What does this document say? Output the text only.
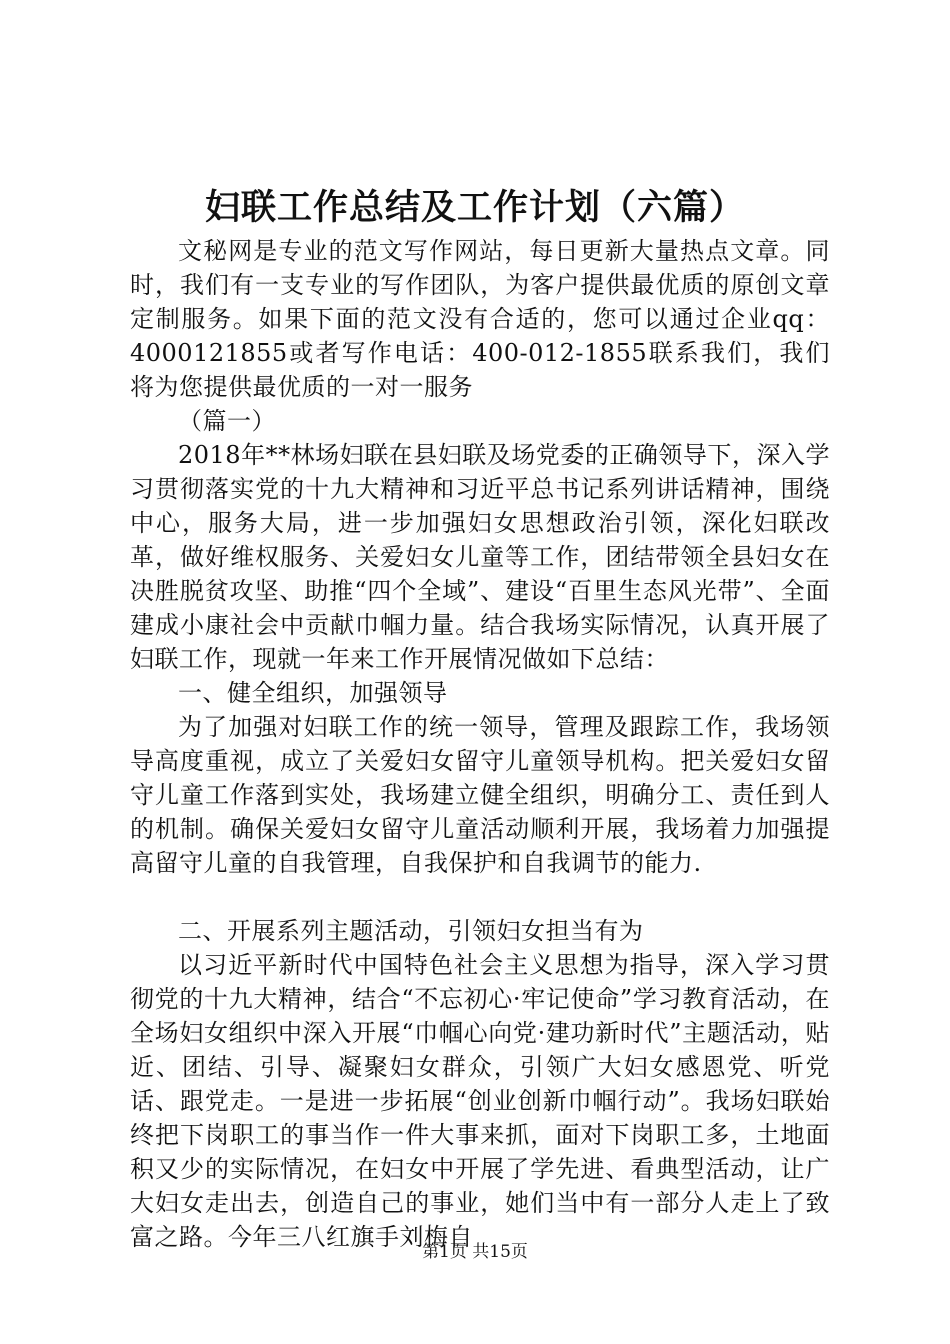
妇联工作总结及工作计划（六篇）

文秘网是专业的范文写作网站，每日更新大量热点文章。同时，我们有一支专业的写作团队，为客户提供最优质的原创文章定制服务。如果下面的范文没有合适的，您可以通过企业qq：4000121855或者写作电话：400-012-1855联系我们，我们将为您提供最优质的一对一服务

（篇一）

2018年**林场妇联在县妇联及场党委的正确领导下，深入学习贯彻落实党的十九大精神和习近平总书记系列讲话精神，围绕中心，服务大局，进一步加强妇女思想政治引领，深化妇联改革，做好维权服务、关爱妇女儿童等工作，团结带领全县妇女在决胜脱贫攻坚、助推“四个全域”、建设“百里生态风光带”、全面建成小康社会中贡献巾帼力量。结合我场实际情况，认真开展了妇联工作，现就一年来工作开展情况做如下总结：

一、健全组织，加强领导

为了加强对妇联工作的统一领导，管理及跟踪工作，我场领导高度重视，成立了关爱妇女留守儿童领导机构。把关爱妇女留守儿童工作落到实处，我场建立健全组织，明确分工、责任到人的机制。确保关爱妇女留守儿童活动顺利开展，我场着力加强提高留守儿童的自我管理，自我保护和自我调节的能力.

二、开展系列主题活动，引领妇女担当有为

以习近平新时代中国特色社会主义思想为指导，深入学习贯彻党的十九大精神，结合“不忘初心·牢记使命”学习教育活动，在全场妇女组织中深入开展“巾帼心向党·建功新时代”主题活动，贴近、团结、引导、凝聚妇女群众，引领广大妇女感恩党、听党话、跟党走。一是进一步拓展“创业创新巾帼行动”。我场妇联始终把下岗职工的事当作一件大事来抓，面对下岗职工多，土地面积又少的实际情况，在妇女中开展了学先进、看典型活动，让广大妇女走出去，创造自己的事业，她们当中有一部分人走上了致富之路。今年三八红旗手刘梅自

第1页 共15页
